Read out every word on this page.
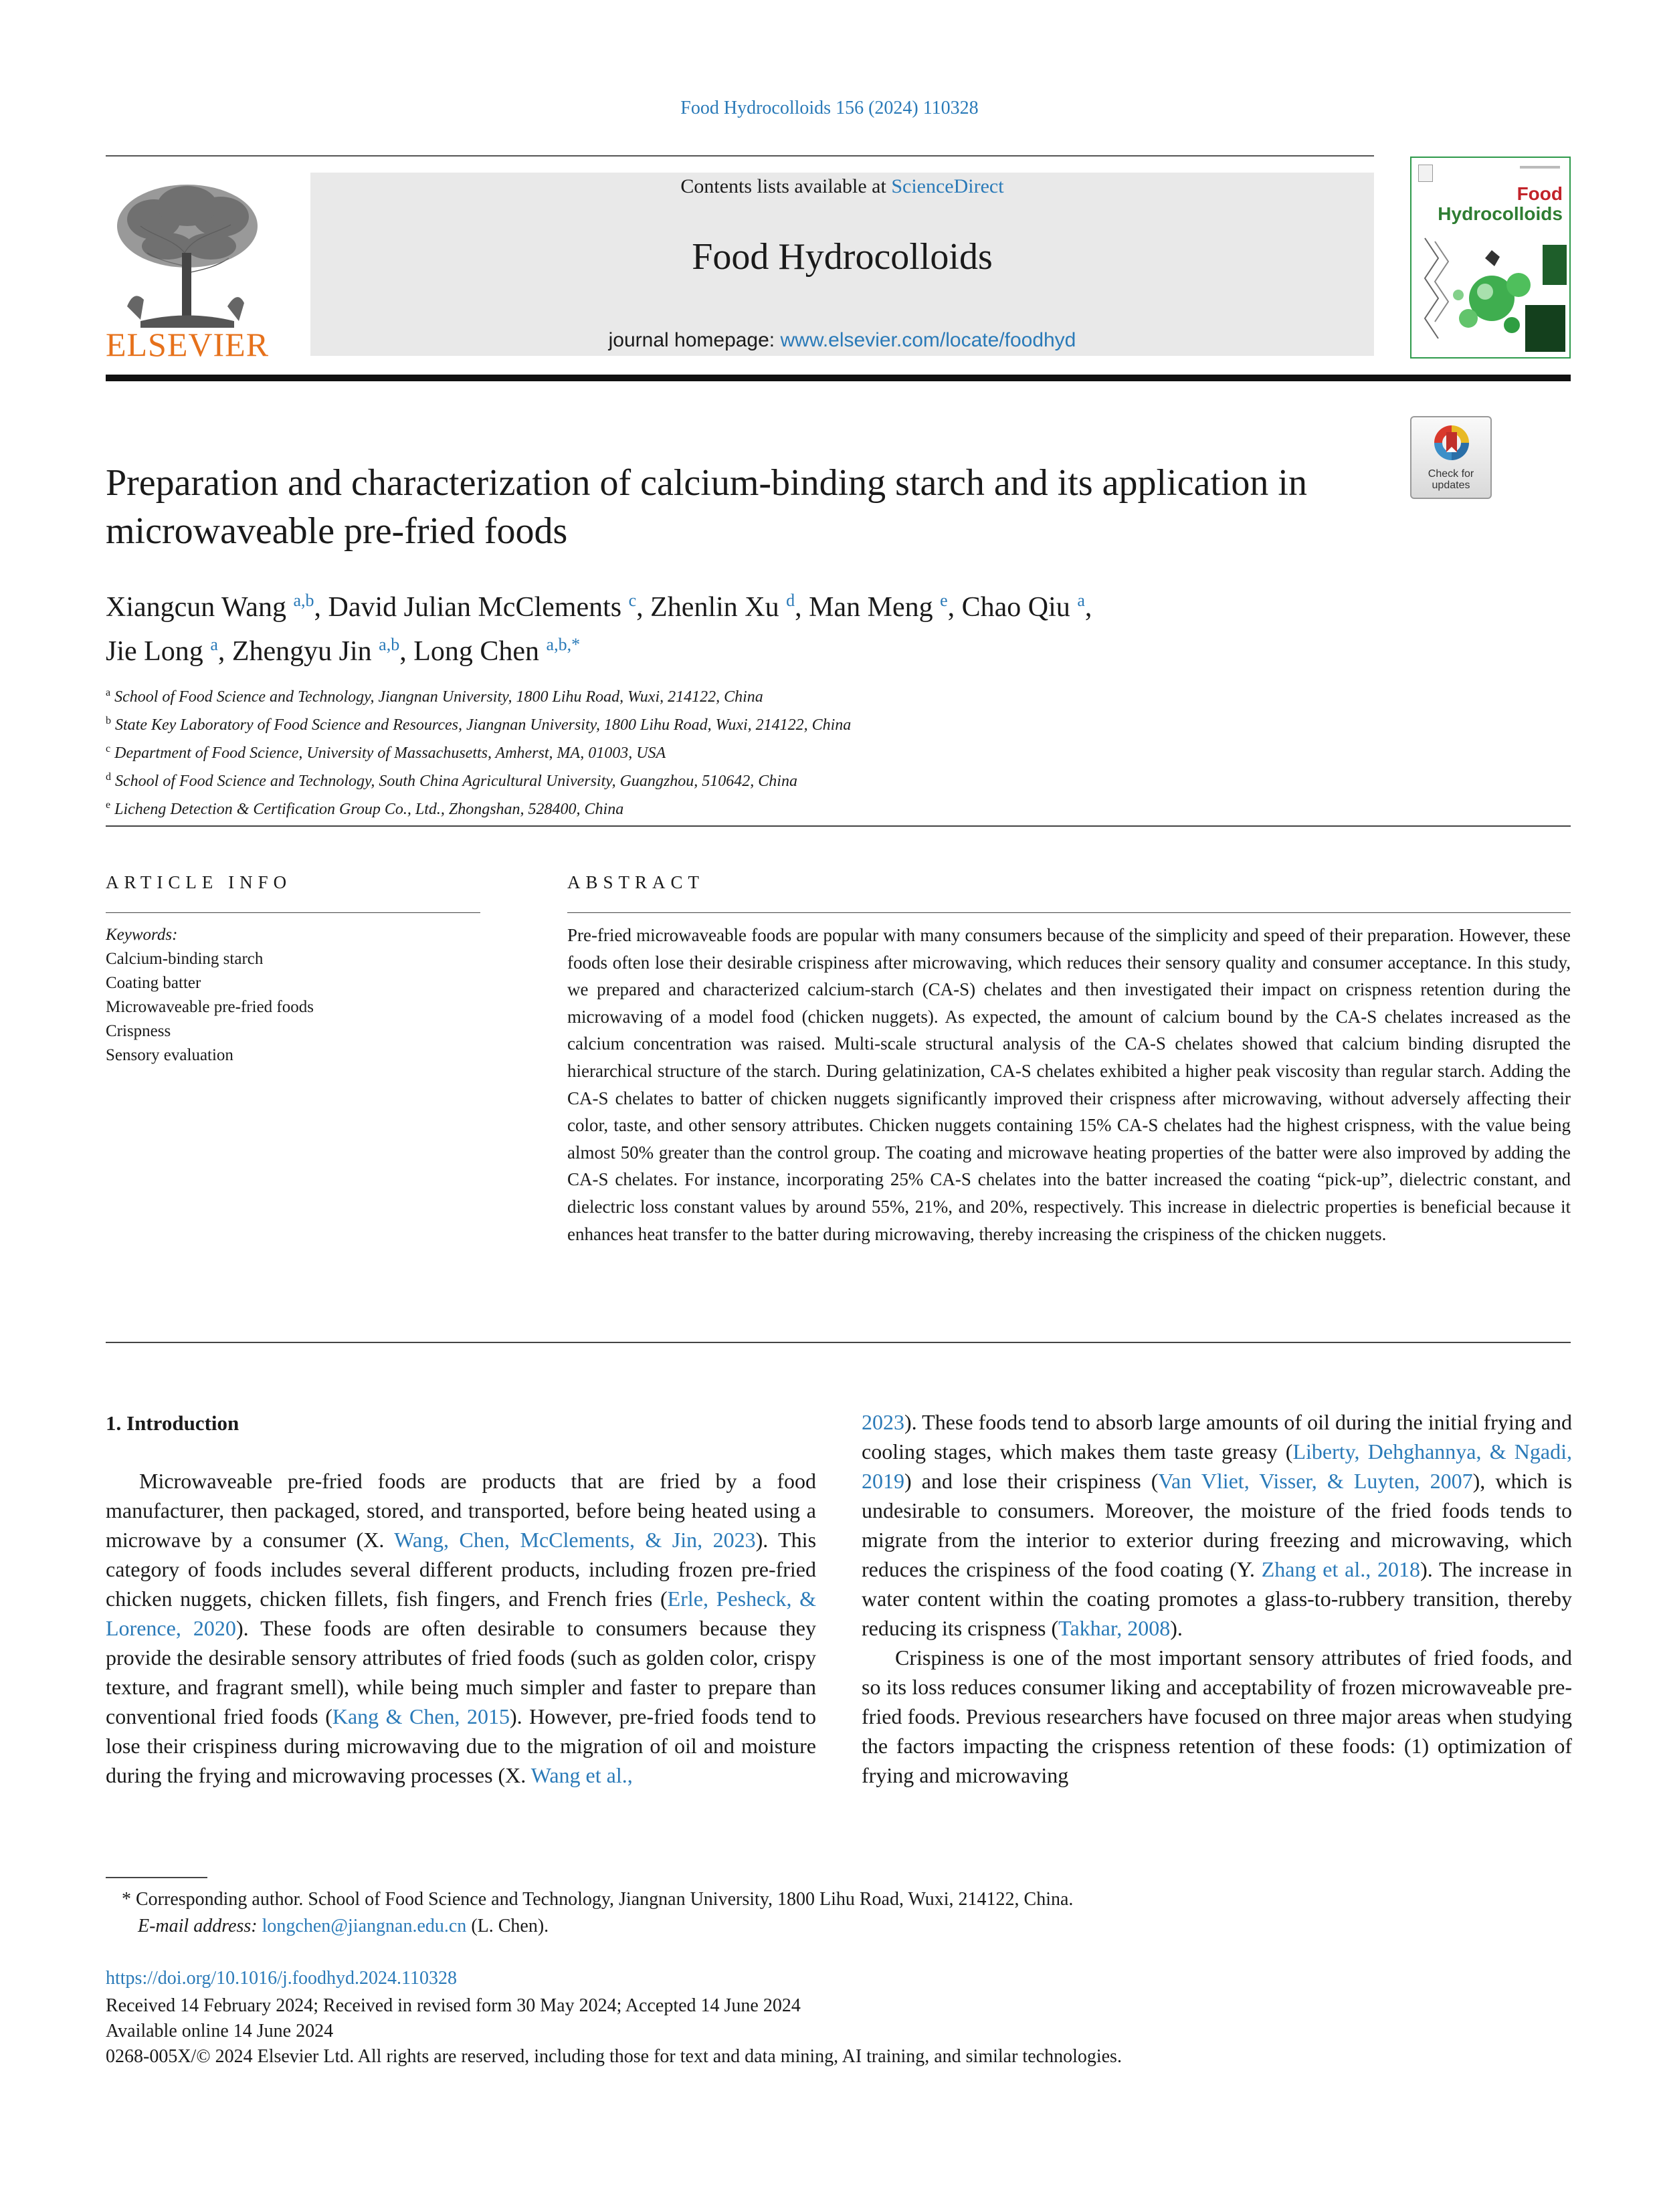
Food Hydrocolloids 156 (2024) 110328
ELSEVIER
Contents lists available at ScienceDirect
Food Hydrocolloids
journal homepage: www.elsevier.com/locate/foodhyd
Food
Hydrocolloids
Check for updates
Preparation and characterization of calcium-binding starch and its application in microwaveable pre-fried foods
Xiangcun Wang $^{a,b}$, David Julian McClements $^c$, Zhenlin Xu $^d$, Man Meng $^e$, Chao Qiu $^a$,
Jie Long $^a$, Zhengyu Jin $^{a,b}$, Long Chen $^{a,b,*}$
$^a$ School of Food Science and Technology, Jiangnan University, 1800 Lihu Road, Wuxi, 214122, China
$^b$ State Key Laboratory of Food Science and Resources, Jiangnan University, 1800 Lihu Road, Wuxi, 214122, China
$^c$ Department of Food Science, University of Massachusetts, Amherst, MA, 01003, USA
$^d$ School of Food Science and Technology, South China Agricultural University, Guangzhou, 510642, China
$^e$ Licheng Detection & Certification Group Co., Ltd., Zhongshan, 528400, China
ARTICLE INFO	ABSTRACT
Keywords:
Calcium-binding starch
Coating batter
Microwaveable pre-fried foods
Crispness
Sensory evaluation

Pre-fried microwaveable foods are popular with many consumers because of the simplicity and speed of their preparation. However, these foods often lose their desirable crispiness after microwaving, which reduces their sensory quality and consumer acceptance. In this study, we prepared and characterized calcium-starch (CA-S) chelates and then investigated their impact on crispness retention during the microwaving of a model food (chicken nuggets). As expected, the amount of calcium bound by the CA-S chelates increased as the calcium concentration was raised. Multi-scale structural analysis of the CA-S chelates showed that calcium binding disrupted the hierarchical structure of the starch. During gelatinization, CA-S chelates exhibited a higher peak viscosity than regular starch. Adding the CA-S chelates to batter of chicken nuggets significantly improved their crispness after microwaving, without adversely affecting their color, taste, and other sensory attributes. Chicken nuggets containing 15% CA-S chelates had the highest crispness, with the value being almost 50% greater than the control group. The coating and microwave heating properties of the batter were also improved by adding the CA-S chelates. For instance, incorporating 25% CA-S chelates into the batter increased the coating “pick-up”, dielectric constant, and dielectric loss constant values by around 55%, 21%, and 20%, respectively. This increase in dielectric properties is beneficial because it enhances heat transfer to the batter during microwaving, thereby increasing the crispiness of the chicken nuggets.

1. Introduction

Microwaveable pre-fried foods are products that are fried by a food manufacturer, then packaged, stored, and transported, before being heated using a microwave by a consumer (X. Wang, Chen, McClements, & Jin, 2023). This category of foods includes several different products, including frozen pre-fried chicken nuggets, chicken fillets, fish fingers, and French fries (Erle, Pesheck, & Lorence, 2020). These foods are often desirable to consumers because they provide the desirable sensory attributes of fried foods (such as golden color, crispy texture, and fragrant smell), while being much simpler and faster to prepare than conventional fried foods (Kang & Chen, 2015). However, pre-fried foods tend to lose their crispiness during microwaving due to the migration of oil and moisture during the frying and microwaving processes (X. Wang et al.,

2023). These foods tend to absorb large amounts of oil during the initial frying and cooling stages, which makes them taste greasy (Liberty, Dehghannya, & Ngadi, 2019) and lose their crispiness (Van Vliet, Visser, & Luyten, 2007), which is undesirable to consumers. Moreover, the moisture of the fried foods tends to migrate from the interior to exterior during freezing and microwaving, which reduces the crispiness of the food coating (Y. Zhang et al., 2018). The increase in water content within the coating promotes a glass-to-rubbery transition, thereby reducing its crispness (Takhar, 2008).

Crispiness is one of the most important sensory attributes of fried foods, and so its loss reduces consumer liking and acceptability of frozen microwaveable pre-fried foods. Previous researchers have focused on three major areas when studying the factors impacting the crispness retention of these foods: (1) optimization of frying and microwaving

* Corresponding author. School of Food Science and Technology, Jiangnan University, 1800 Lihu Road, Wuxi, 214122, China.
E-mail address: longchen@jiangnan.edu.cn (L. Chen).
https://doi.org/10.1016/j.foodhyd.2024.110328
Received 14 February 2024; Received in revised form 30 May 2024; Accepted 14 June 2024
Available online 14 June 2024
0268-005X/© 2024 Elsevier Ltd. All rights are reserved, including those for text and data mining, AI training, and similar technologies.
